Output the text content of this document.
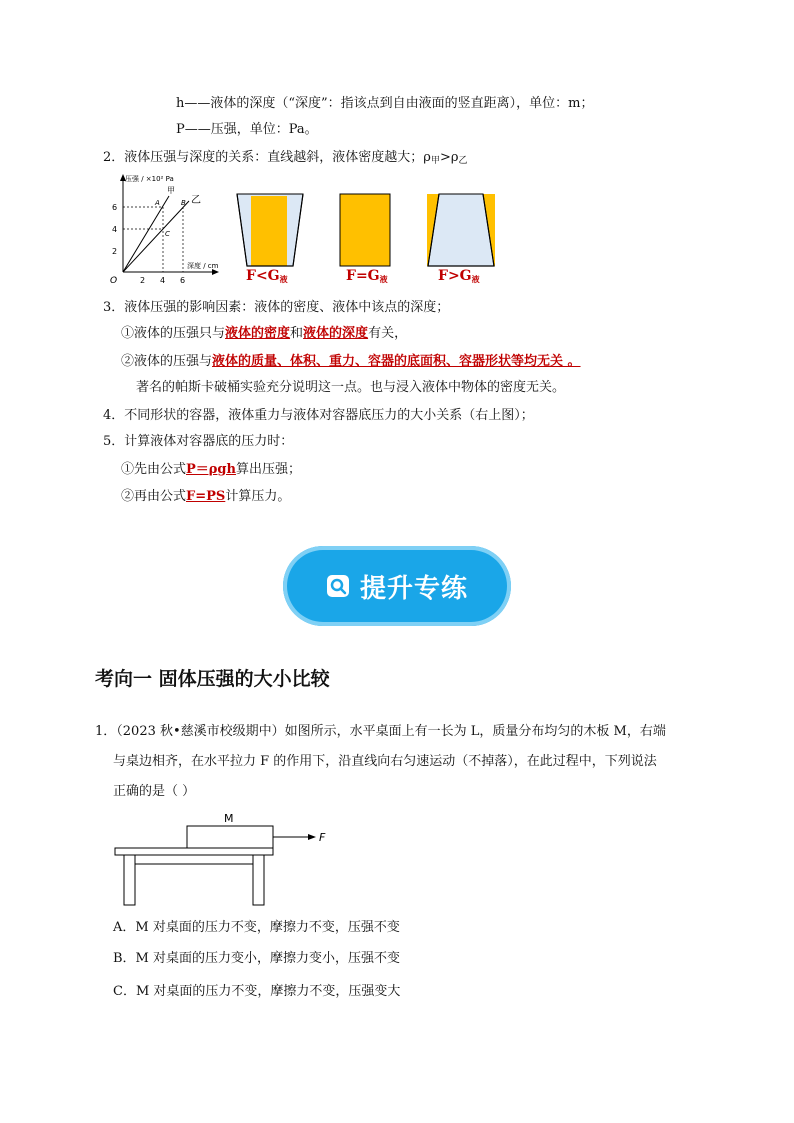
h——液体的深度（“深度”：指该点到自由液面的竖直距离），单位：m；
P——压强，单位：Pa。
2．液体压强与深度的关系：直线越斜，液体密度越大；$\rho_甲>\rho_乙$
压强 / ×10² Pa
深度 / cm
O
6
4
2
2 4 6
甲
乙
A	B
C
$F<G_液$	$F=G_液$	$F>G_液$
3．液体压强的影响因素：液体的密度、液体中该点的深度；
①液体的压强只与液体的密度和液体的深度有关，
②液体的压强与液体的质量、体积、重力、容器的底面积、容器形状等均无关 。
著名的帕斯卡破桶实验充分说明这一点。也与浸入液体中物体的密度无关。
4．不同形状的容器，液体重力与液体对容器底压力的大小关系（右上图）；
5．计算液体对容器底的压力时：
①先由公式P＝ρgh算出压强；
②再由公式F=PS计算压力。
提升专练
考向一 固体压强的大小比较
1．（2023 秋•慈溪市校级期中）如图所示，水平桌面上有一长为 L，质量分布均匀的木板 M，右端
与桌边相齐，在水平拉力 F 的作用下，沿直线向右匀速运动（不掉落），在此过程中，下列说法
正确的是（ ）
M
F
A．M 对桌面的压力不变，摩擦力不变，压强不变
B．M 对桌面的压力变小，摩擦力变小，压强不变
C．M 对桌面的压力不变，摩擦力不变，压强变大
